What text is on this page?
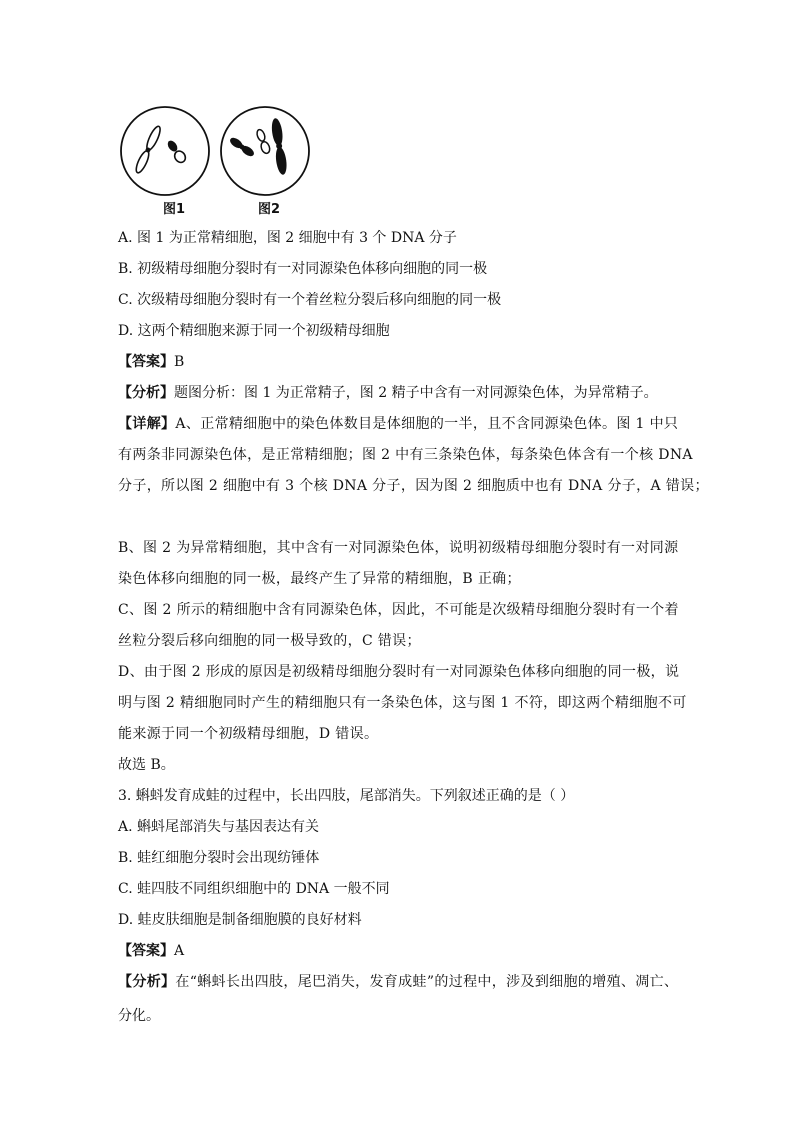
图1	图2
A. 图 1 为正常精细胞，图 2 细胞中有 3 个 DNA 分子
B. 初级精母细胞分裂时有一对同源染色体移向细胞的同一极
C. 次级精母细胞分裂时有一个着丝粒分裂后移向细胞的同一极
D. 这两个精细胞来源于同一个初级精母细胞
【答案】B
【分析】题图分析：图 1 为正常精子，图 2 精子中含有一对同源染色体，为异常精子。
【详解】A、正常精细胞中的染色体数目是体细胞的一半，且不含同源染色体。图 1 中只
有两条非同源染色体，是正常精细胞；图 2 中有三条染色体，每条染色体含有一个核 DNA
分子，所以图 2 细胞中有 3 个核 DNA 分子，因为图 2 细胞质中也有 DNA 分子，A 错误；
B、图 2 为异常精细胞，其中含有一对同源染色体，说明初级精母细胞分裂时有一对同源
染色体移向细胞的同一极，最终产生了异常的精细胞，B 正确；
C、图 2 所示的精细胞中含有同源染色体，因此，不可能是次级精母细胞分裂时有一个着
丝粒分裂后移向细胞的同一极导致的，C 错误；
D、由于图 2 形成的原因是初级精母细胞分裂时有一对同源染色体移向细胞的同一极，说
明与图 2 精细胞同时产生的精细胞只有一条染色体，这与图 1 不符，即这两个精细胞不可
能来源于同一个初级精母细胞，D 错误。
故选 B。
3. 蝌蚪发育成蛙的过程中，长出四肢，尾部消失。下列叙述正确的是（ ）
A. 蝌蚪尾部消失与基因表达有关
B. 蛙红细胞分裂时会出现纺锤体
C. 蛙四肢不同组织细胞中的 DNA 一般不同
D. 蛙皮肤细胞是制备细胞膜的良好材料
【答案】A
【分析】在“蝌蚪长出四肢，尾巴消失，发育成蛙”的过程中，涉及到细胞的增殖、凋亡、
分化。
